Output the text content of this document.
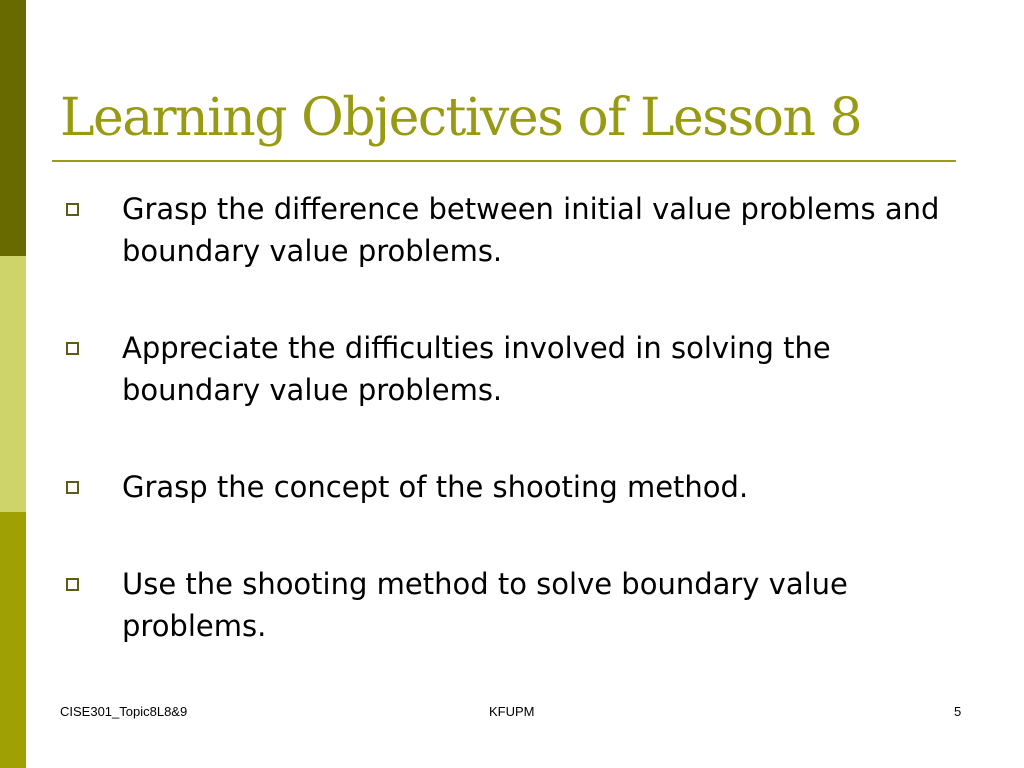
Learning Objectives of Lesson 8
Grasp the difference between initial value problems and boundary value problems.
Appreciate the difficulties involved in solving the boundary value problems.
Grasp the concept of the shooting method.
Use the shooting method to solve boundary value problems.
CISE301_Topic8L8&9	KFUPM	5
